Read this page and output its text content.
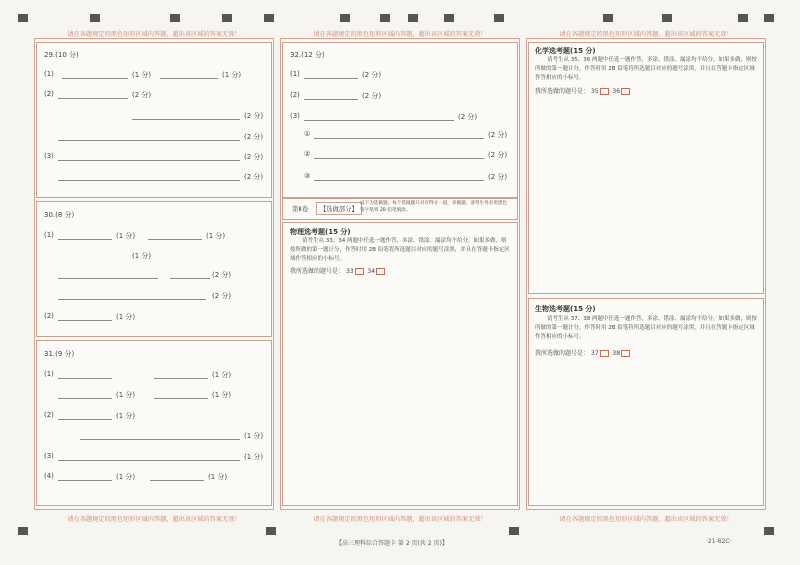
请在各题规定的黑色矩形区域内答题，超出该区域的答案无效！
请在各题规定的黑色矩形区域内答题，超出该区域的答案无效！
29.(10 分)
(1)	(1 分)	(1 分)
(2)	(2 分)
(2 分)
(2 分)
(3)	(2 分)
(2 分)
30.(8 分)
(1)	(1 分)	(1 分)
(1 分)
(2 分)
(2 分)
(2)	(1 分)
31.(9 分)
(1)	(1 分)
(1 分)	(1 分)
(2)	(1 分)
(1 分)
(3)	(1 分)
(4)	(1 分)	(1 分)
请在各题规定的黑色矩形区域内答题，超出该区域的答案无效！
请在各题规定的黑色矩形区域内答题，超出该区域的答案无效！
32.(12 分)
(1)	(2 分)
(2)	(2 分)
(2 分)
(3)
①	(2 分)
②	(2 分)
③	(2 分)
第Ⅱ卷	【选做部分】
以下为选做题，每个选做题只对应得分一道，多做题，请考生务必用黑色签字笔将 2B 铅笔填涂。
物理选考题(15 分)
请考生从 33、34 两题中任选一题作答，多涂、错涂、漏涂均不给分，如果多做，则按所做的第一题计分，作答时用 2B 铅笔将所选题目对应的题号涂黑，并且在答题卡指定区域作答相应的小标号。
我所选做的题号是： 33 34
请在各题规定的黑色矩形区域内答题，超出该区域的答案无效！
请在各题规定的黑色矩形区域内答题，超出该区域的答案无效！
化学选考题(15 分)
请考生从 35、36 两题中任选一题作答，多涂、错涂、漏涂均不给分，如果多做，则按所做的第一题计分，作答时用 2B 铅笔将所选题目对应的题号涂黑，并且在答题卡指定区域作答相应的小标号。
我所选做的题号是： 35 36
生物选考题(15 分)
请考生从 37、38 两题中任选一题作答，多涂、错涂、漏涂均不给分，如果多做，则按所做的第一题计分，作答时用 2B 铅笔将所选题目对应的题号涂黑，并且在答题卡指定区域作答相应的小标号。
我所选做的题号是： 37 38
【高三理科综合答题卡 第 2 页(共 2 页)】	·21-62C·
